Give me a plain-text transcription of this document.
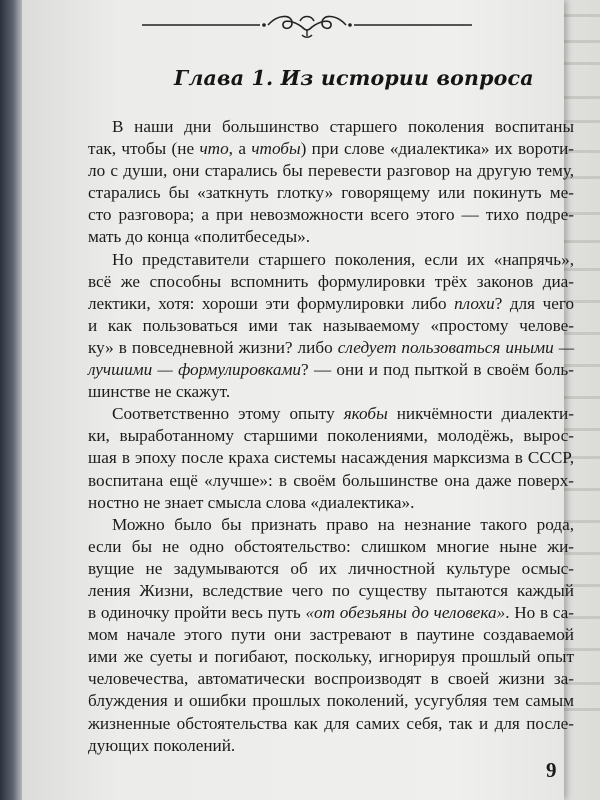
Глава 1. Из истории вопроса
В наши дни большинство старшего поколения воспитаны
так, чтобы (не что, а чтобы) при слове «диалектика» их вороти-
ло с души, они старались бы перевести разговор на другую тему,
старались бы «заткнуть глотку» говорящему или покинуть ме-
сто разговора; а при невозможности всего этого — тихо подре-
мать до конца «политбеседы».
Но представители старшего поколения, если их «напрячь»,
всё же способны вспомнить формулировки трёх законов диа-
лектики, хотя: хороши эти формулировки либо плохи? для чего
и как пользоваться ими так называемому «простому челове-
ку» в повседневной жизни? либо следует пользоваться иными —
лучшими — формулировками? — они и под пыткой в своём боль-
шинстве не скажут.
Соответственно этому опыту якобы никчёмности диалекти-
ки, выработанному старшими поколениями, молодёжь, вырос-
шая в эпоху после краха системы насаждения марксизма в СССР,
воспитана ещё «лучше»: в своём большинстве она даже поверх-
ностно не знает смысла слова «диалектика».
Можно было бы признать право на незнание такого рода,
если бы не одно обстоятельство: слишком многие ныне жи-
вущие не задумываются об их личностной культуре осмыс-
ления Жизни, вследствие чего по существу пытаются каждый
в одиночку пройти весь путь «от обезьяны до человека». Но в са-
мом начале этого пути они застревают в паутине создаваемой
ими же суеты и погибают, поскольку, игнорируя прошлый опыт
человечества, автоматически воспроизводят в своей жизни за-
блуждения и ошибки прошлых поколений, усугубляя тем самым
жизненные обстоятельства как для самих себя, так и для после-
дующих поколений.
9
